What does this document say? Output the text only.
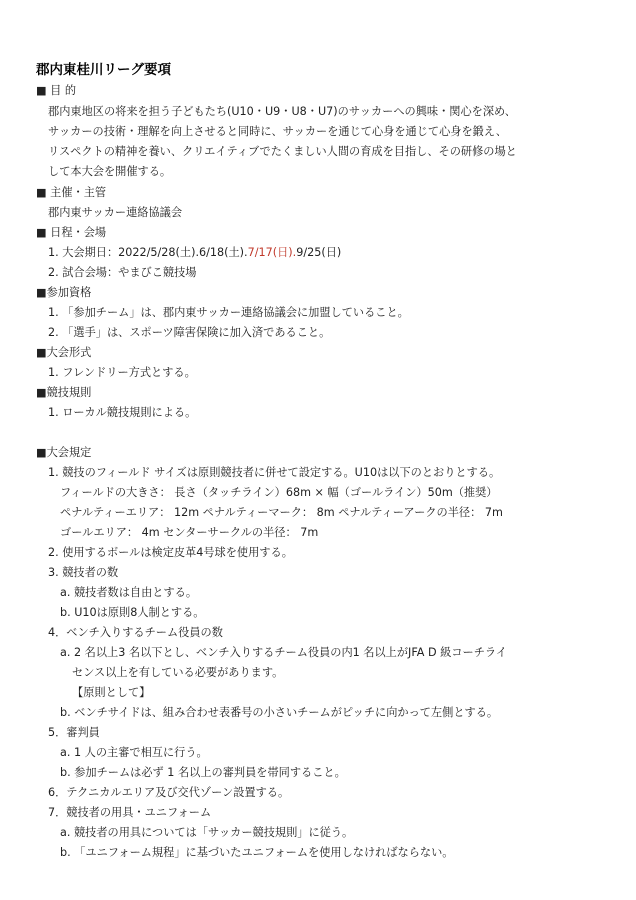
郡内東桂川リーグ要項
■ 目 的
郡内東地区の将来を担う子どもたち(U10・U9・U8・U7)のサッカーへの興味・関心を深め、
サッカーの技術・理解を向上させると同時に、サッカーを通じて心身を通じて心身を鍛え、
リスペクトの精神を養い、クリエイティブでたくましい人間の育成を目指し、その研修の場と
して本大会を開催する。
■ 主催・主管
郡内東サッカー連絡協議会
■ 日程・会場
1. 大会期日：2022/5/28(土).6/18(土).7/17(日).9/25(日)
2. 試合会場：やまびこ競技場
■参加資格
1. 「参加チーム」は、郡内東サッカー連絡協議会に加盟していること。
2. 「選手」は、スポーツ障害保険に加入済であること。
■大会形式
1. フレンドリー方式とする。
■競技規則
1. ローカル競技規則による。
■大会規定
1. 競技のフィールド サイズは原則競技者に併せて設定する。U10は以下のとおりとする。
フィールドの大きさ： 長さ（タッチライン）68m × 幅（ゴールライン）50m（推奨）
ペナルティーエリア： 12m ペナルティーマーク： 8m ペナルティーアークの半径： 7m
ゴールエリア： 4m センターサークルの半径： 7m
2. 使用するボールは検定皮革4号球を使用する。
3. 競技者の数
a. 競技者数は自由とする。
b. U10は原則8人制とする。
4．ベンチ入りするチーム役員の数
a. 2 名以上3 名以下とし、ベンチ入りするチーム役員の内1 名以上がJFA D 級コーチライ
センス以上を有している必要があります。
【原則として】
b. ベンチサイドは、組み合わせ表番号の小さいチームがピッチに向かって左側とする。
5．審判員
a. 1 人の主審で相互に行う。
b. 参加チームは必ず 1 名以上の審判員を帯同すること。
6．テクニカルエリア及び交代ゾーン設置する。
7．競技者の用具・ユニフォーム
a. 競技者の用具については「サッカー競技規則」に従う。
b. 「ユニフォーム規程」に基づいたユニフォームを使用しなければならない。
